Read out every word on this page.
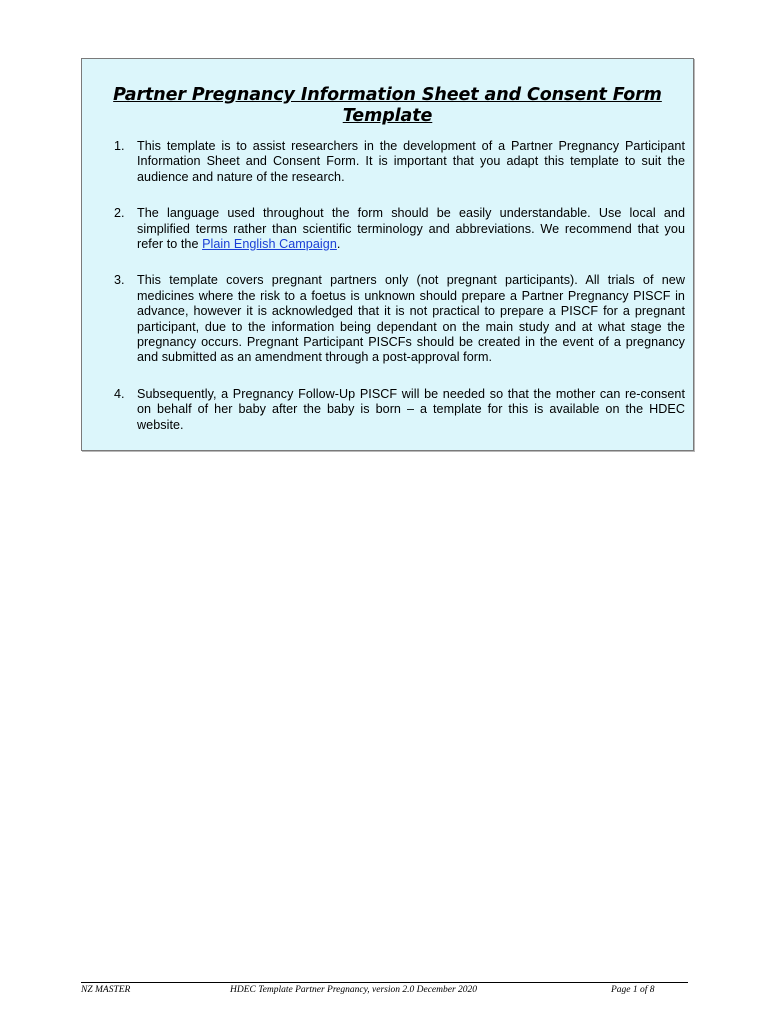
Partner Pregnancy Information Sheet and Consent Form Template
1. This template is to assist researchers in the development of a Partner Pregnancy Participant Information Sheet and Consent Form. It is important that you adapt this template to suit the audience and nature of the research.
2. The language used throughout the form should be easily understandable. Use local and simplified terms rather than scientific terminology and abbreviations. We recommend that you refer to the Plain English Campaign.
3. This template covers pregnant partners only (not pregnant participants). All trials of new medicines where the risk to a foetus is unknown should prepare a Partner Pregnancy PISCF in advance, however it is acknowledged that it is not practical to prepare a PISCF for a pregnant participant, due to the information being dependant on the main study and at what stage the pregnancy occurs. Pregnant Participant PISCFs should be created in the event of a pregnancy and submitted as an amendment through a post-approval form.
4. Subsequently, a Pregnancy Follow-Up PISCF will be needed so that the mother can re-consent on behalf of her baby after the baby is born – a template for this is available on the HDEC website.
NZ MASTER	HDEC Template Partner Pregnancy, version 2.0 December 2020	Page 1 of 8
